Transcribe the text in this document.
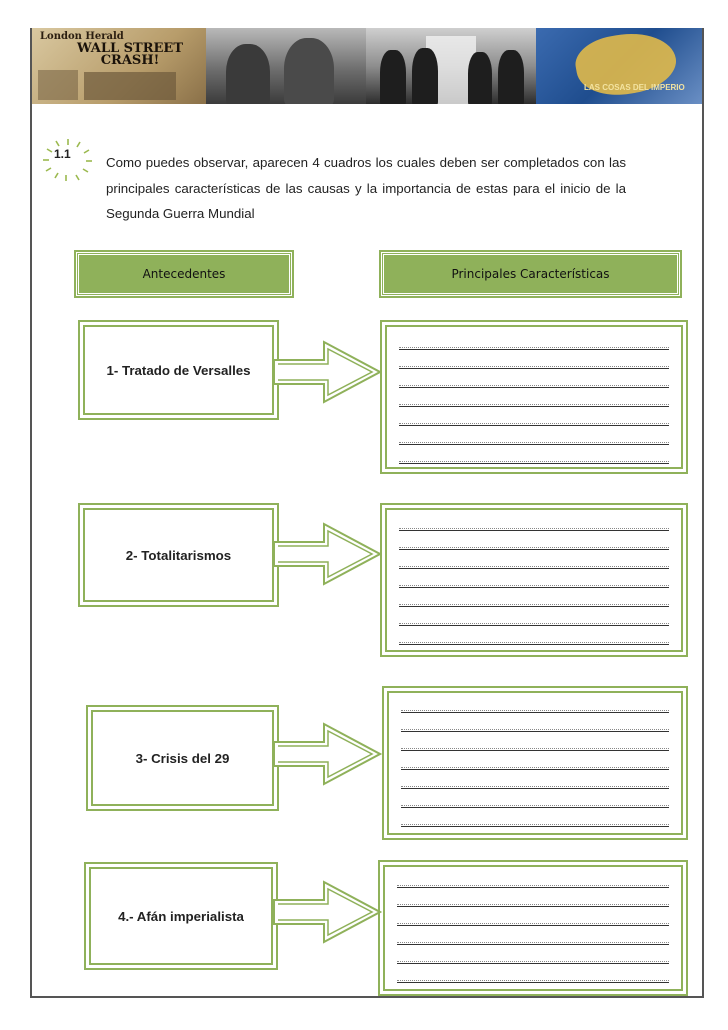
London Herald
WALL STREET CRASH!
LAS COSAS DEL IMPERIO
1.1
Como puedes observar, aparecen 4 cuadros los cuales deben ser completados con las principales características de las causas y la importancia de estas para el inicio de la Segunda Guerra Mundial
Antecedentes	Principales Características
1- Tratado de Versalles
2- Totalitarismos
3- Crisis del 29
4.- Afán imperialista
